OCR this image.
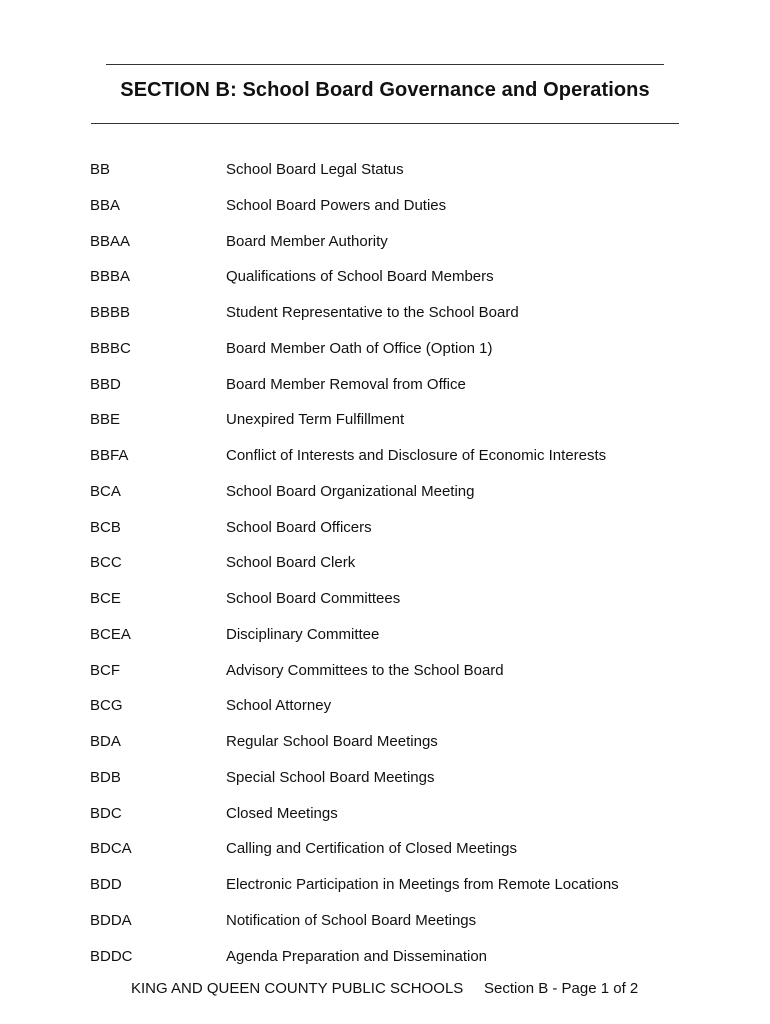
SECTION B: School Board Governance and Operations
BB	School Board Legal Status
BBA	School Board Powers and Duties
BBAA	Board Member Authority
BBBA	Qualifications of School Board Members
BBBB	Student Representative to the School Board
BBBC	Board Member Oath of Office (Option 1)
BBD	Board Member Removal from Office
BBE	Unexpired Term Fulfillment
BBFA	Conflict of Interests and Disclosure of Economic Interests
BCA	School Board Organizational Meeting
BCB	School Board Officers
BCC	School Board Clerk
BCE	School Board Committees
BCEA	Disciplinary Committee
BCF	Advisory Committees to the School Board
BCG	School Attorney
BDA	Regular School Board Meetings
BDB	Special School Board Meetings
BDC	Closed Meetings
BDCA	Calling and Certification of Closed Meetings
BDD	Electronic Participation in Meetings from Remote Locations
BDDA	Notification of School Board Meetings
BDDC	Agenda Preparation and Dissemination
KING AND QUEEN COUNTY PUBLIC SCHOOLS Section B - Page 1 of 2
